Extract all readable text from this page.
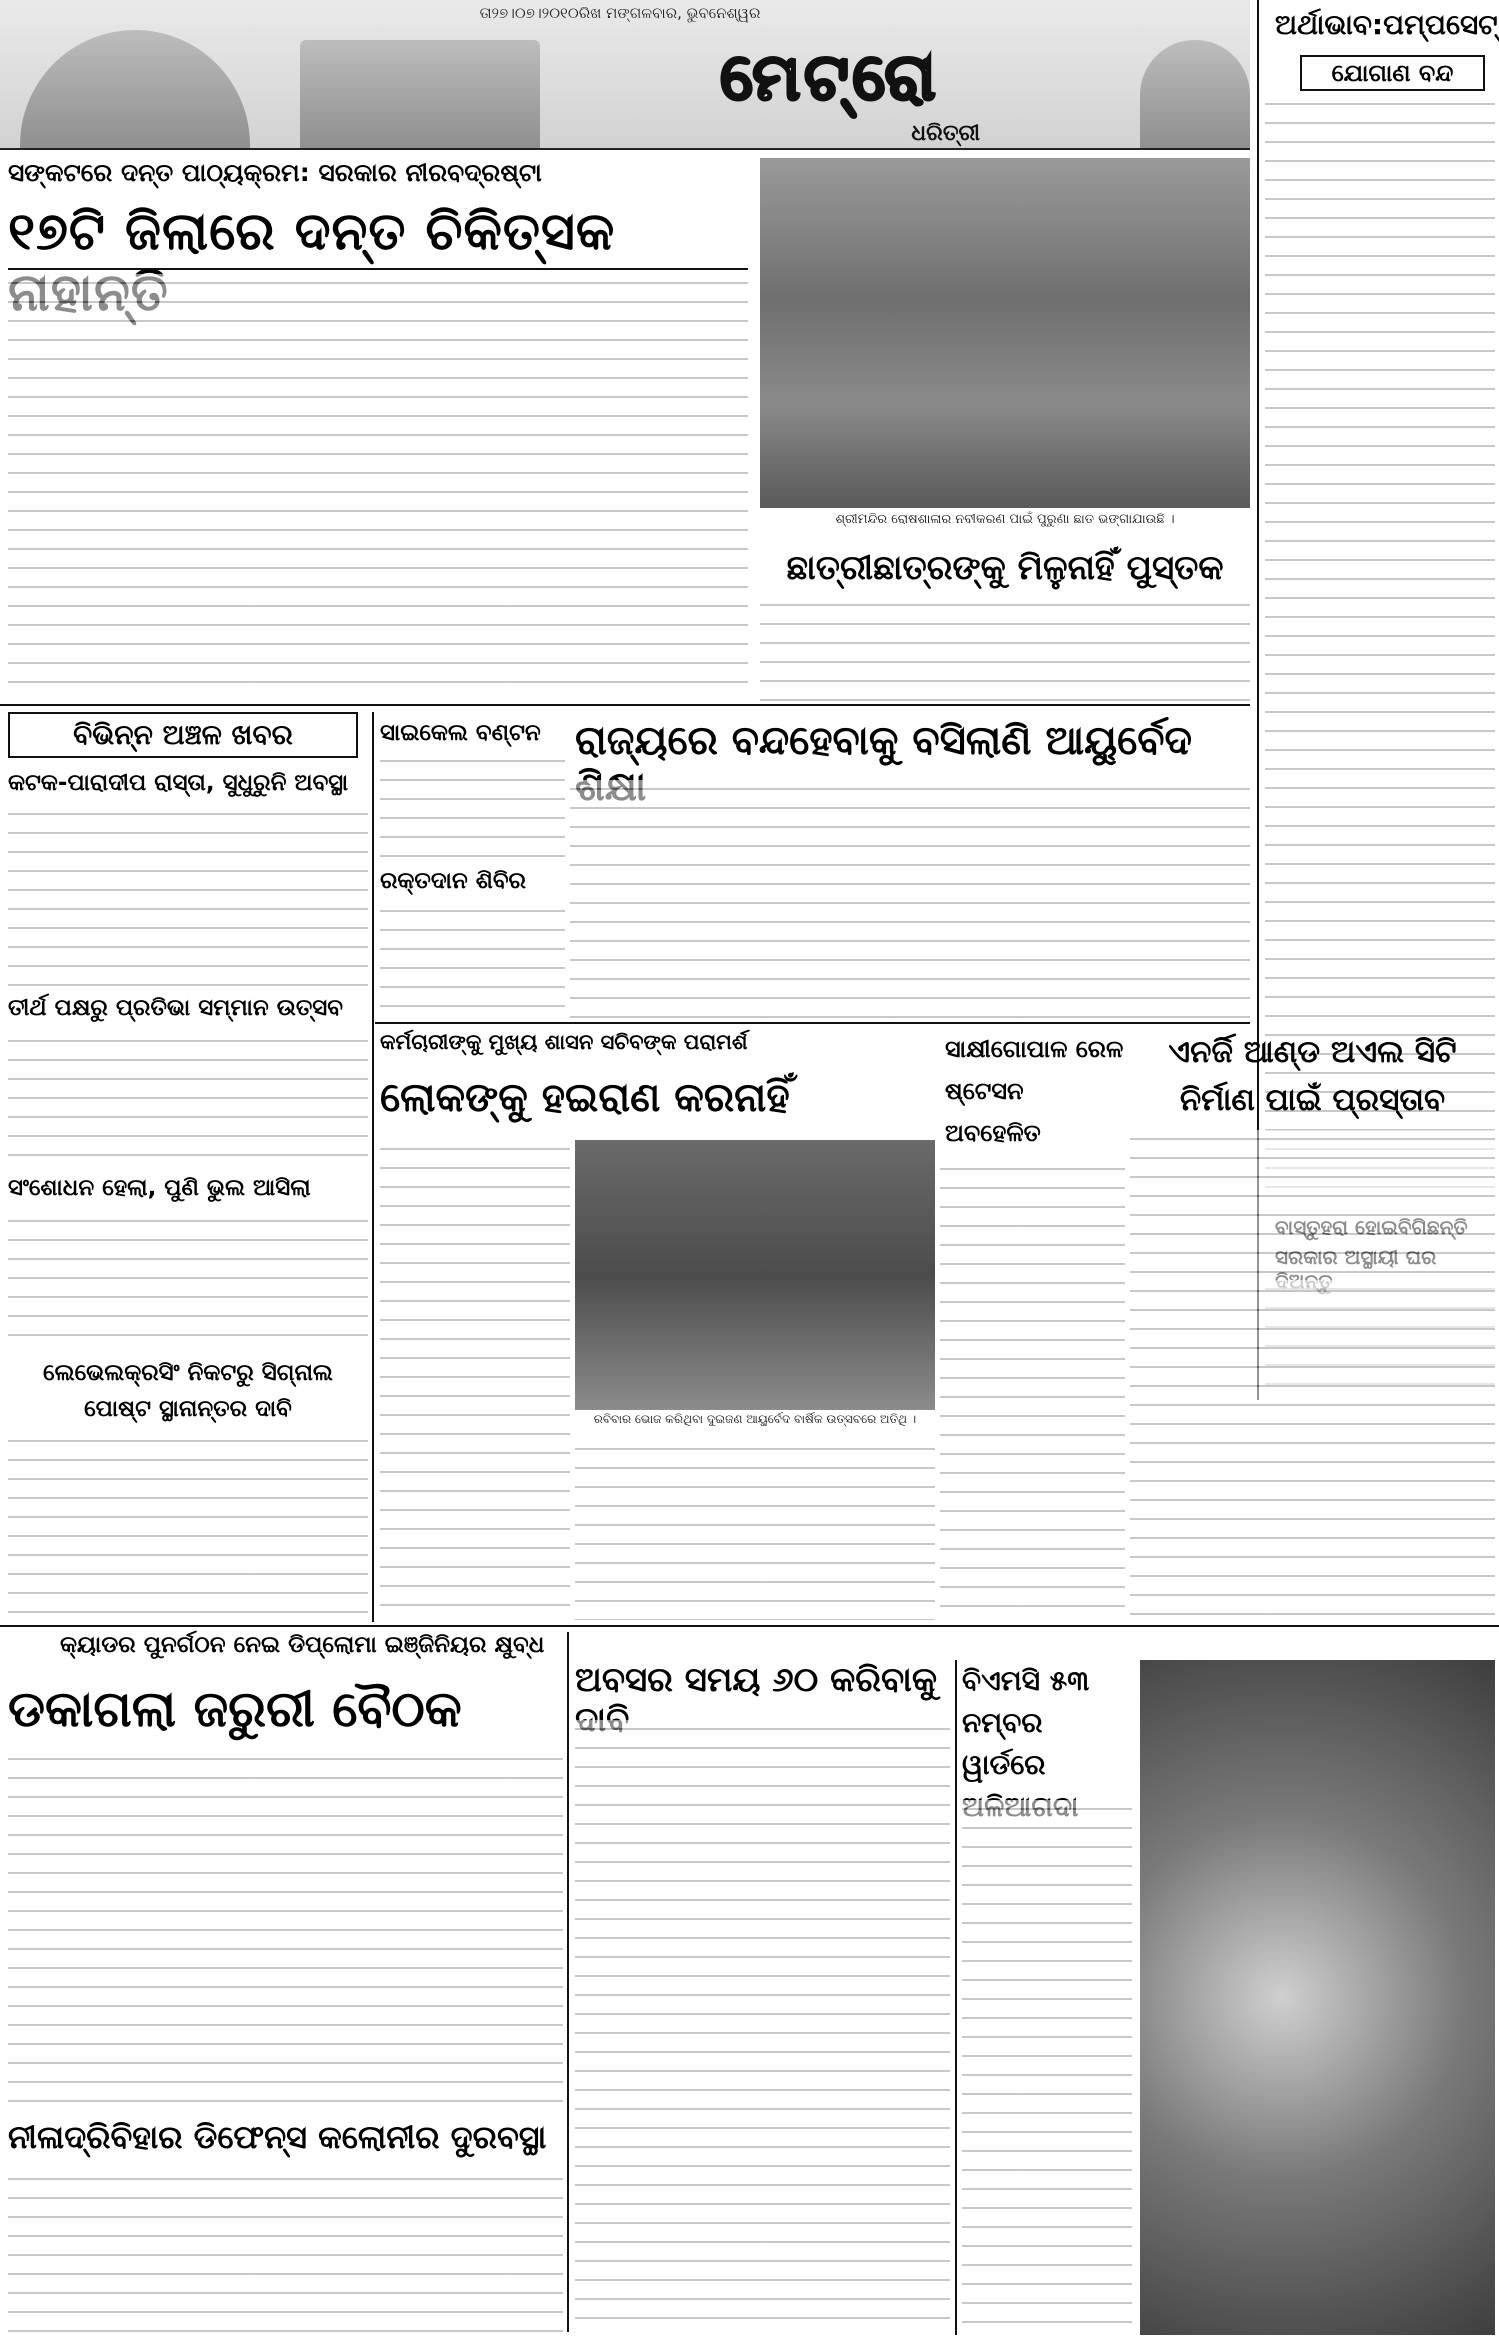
ତା୨୭।୦୭।୨୦୧୦ରିଖ ମଙ୍ଗଳବାର, ଭୁବନେଶ୍ୱର
ମେଟ୍ରୋ
ଧରିତ୍ରୀ
ଅର୍ଥାଭାବ:ପମ୍ପସେଟ୍
ଯୋଗାଣ ବନ୍ଦ
ସଙ୍କଟରେ ଦନ୍ତ ପାଠ୍ୟକ୍ରମ: ସରକାର ନୀରବଦ୍ରଷ୍ଟା
୧୭ଟି ଜିଲାରେ ଦନ୍ତ ଚିକିତ୍ସକ
ଶ୍ରୀମନ୍ଦିର ରୋଷଶାଳାର ନବୀକରଣ ପାଇଁ ପୁରୁଣା ଛାତ ଭଙ୍ଗାଯାଉଛି ।
ଛାତ୍ରୀଛାତ୍ରଙ୍କୁ ମିଳୁନାହିଁ ପୁସ୍ତକ
ବିଭିନ୍ନ ଅଞ୍ଚଳ ଖବର
କଟକ-ପାରାଦୀପ ରାସ୍ତା, ସୁଧୁରୁନି ଅବସ୍ଥା
ତୀର୍ଥ ପକ୍ଷରୁ ପ୍ରତିଭା ସମ୍ମାନ ଉତ୍ସବ
ସଂଶୋଧନ ହେଲା, ପୁଣି ଭୁଲ ଆସିଲା
ଲେଭେଲକ୍ରସିଂ ନିକଟରୁ ସିଗ୍ନାଲ ପୋଷ୍ଟ ସ୍ଥାନାନ୍ତର ଦାବି
ସାଇକେଲ ବଣ୍ଟନ
ରକ୍ତଦାନ ଶିବିର
ରାଜ୍ୟରେ ବନ୍ଦହେବାକୁ ବସିଲାଣି ଆୟୁର୍ବେଦ
କର୍ମଚାରୀଙ୍କୁ ମୁଖ୍ୟ ଶାସନ ସଚିବଙ୍କ ପରାମର୍ଶ
ଲୋକଙ୍କୁ ହଇରାଣ କରନାହିଁ
ରବିବାର ଭୋଜ କରିଥିବା ଦୁଇଜଣ ଆୟୁର୍ବେଦ ବାର୍ଷିକ ଉତ୍ସବରେ ଅତିଥି ।
ସାକ୍ଷୀଗୋପାଳ ରେଳ ଷ୍ଟେସନ ଅବହେଳିତ
ଏନର୍ଜି ଆଣ୍ଡ ଅଏଲ ସିଟି ନିର୍ମାଣ ପାଇଁ ପ୍ରସ୍ତାବ
କ୍ୟାଡର ପୁନର୍ଗଠନ ନେଇ ଡିପ୍ଲୋମା ଇଞ୍ଜିନିୟର କ୍ଷୁବ୍ଧ
ଡକାଗଲା ଜରୁରୀ ବୈଠକ
ନୀଳାଦ୍ରିବିହାର ଡିଫେନ୍ସ କଲୋନୀର ଦୁରବସ୍ଥା
ଅବସର ସମୟ ୬୦ କରିବାକୁ ବିଏମସି ୫୩ ନମ୍ବର ୱାର୍ଡରେ
